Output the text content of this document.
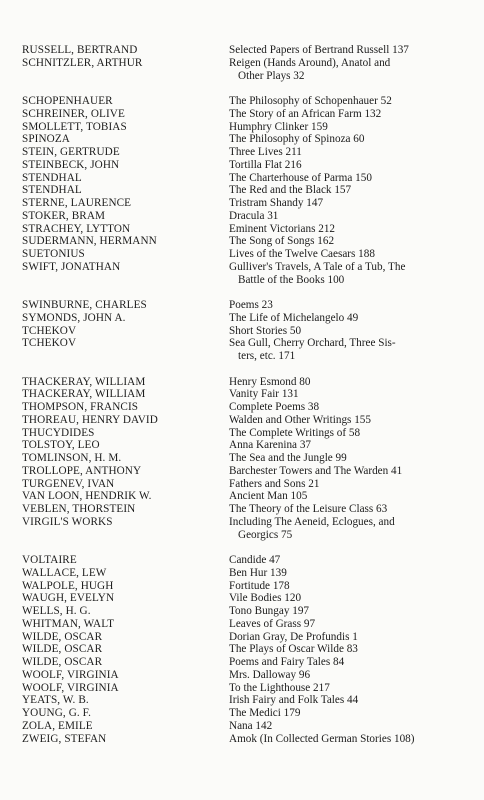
RUSSELL, BERTRAND	Selected Papers of Bertrand Russell 137
SCHNITZLER, ARTHUR	Reigen (Hands Around), Anatol and
Other Plays 32
SCHOPENHAUER	The Philosophy of Schopenhauer 52
SCHREINER, OLIVE	The Story of an African Farm 132
SMOLLETT, TOBIAS	Humphry Clinker 159
SPINOZA	The Philosophy of Spinoza 60
STEIN, GERTRUDE	Three Lives 211
STEINBECK, JOHN	Tortilla Flat 216
STENDHAL	The Charterhouse of Parma 150
STENDHAL	The Red and the Black 157
STERNE, LAURENCE	Tristram Shandy 147
STOKER, BRAM	Dracula 31
STRACHEY, LYTTON	Eminent Victorians 212
SUDERMANN, HERMANN	The Song of Songs 162
SUETONIUS	Lives of the Twelve Caesars 188
SWIFT, JONATHAN	Gulliver's Travels, A Tale of a Tub, The
Battle of the Books 100
SWINBURNE, CHARLES	Poems 23
SYMONDS, JOHN A.	The Life of Michelangelo 49
TCHEKOV	Short Stories 50
TCHEKOV	Sea Gull, Cherry Orchard, Three Sis-
ters, etc. 171
THACKERAY, WILLIAM	Henry Esmond 80
THACKERAY, WILLIAM	Vanity Fair 131
THOMPSON, FRANCIS	Complete Poems 38
THOREAU, HENRY DAVID	Walden and Other Writings 155
THUCYDIDES	The Complete Writings of 58
TOLSTOY, LEO	Anna Karenina 37
TOMLINSON, H. M.	The Sea and the Jungle 99
TROLLOPE, ANTHONY	Barchester Towers and The Warden 41
TURGENEV, IVAN	Fathers and Sons 21
VAN LOON, HENDRIK W.	Ancient Man 105
VEBLEN, THORSTEIN	The Theory of the Leisure Class 63
VIRGIL'S WORKS	Including The Aeneid, Eclogues, and
Georgics 75
VOLTAIRE	Candide 47
WALLACE, LEW	Ben Hur 139
WALPOLE, HUGH	Fortitude 178
WAUGH, EVELYN	Vile Bodies 120
WELLS, H. G.	Tono Bungay 197
WHITMAN, WALT	Leaves of Grass 97
WILDE, OSCAR	Dorian Gray, De Profundis 1
WILDE, OSCAR	The Plays of Oscar Wilde 83
WILDE, OSCAR	Poems and Fairy Tales 84
WOOLF, VIRGINIA	Mrs. Dalloway 96
WOOLF, VIRGINIA	To the Lighthouse 217
YEATS, W. B.	Irish Fairy and Folk Tales 44
YOUNG, G. F.	The Medici 179
ZOLA, EMILE	Nana 142
ZWEIG, STEFAN	Amok (In Collected German Stories 108)
